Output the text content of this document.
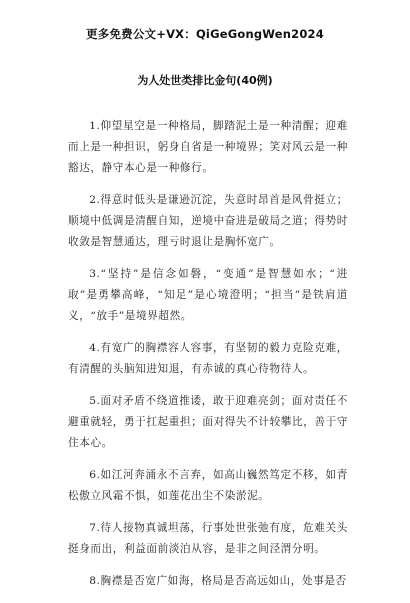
更多免费公文+VX：QiGeGongWen2024
为人处世类排比金句(40例)

1.仰望星空是一种格局，脚踏泥土是一种清醒；迎难而上是一种担识，躬身自省是一种境界；笑对风云是一种豁达，静守本心是一种修行。

2.得意时低头是谦逊沉淀，失意时昂首是风骨挺立；顺境中低调是清醒自知，逆境中奋进是破局之道；得势时收敛是智慧通达，理亏时退让是胸怀宽广。

3.“坚持”是信念如磐，“变通”是智慧如水；“进取”是勇攀高峰，“知足”是心境澄明；“担当”是铁肩道义，“放手”是境界超然。

4.有宽广的胸襟容人容事，有坚韧的毅力克险克难，有清醒的头脑知进知退，有赤诚的真心待物待人。

5.面对矛盾不绕道推诿，敢于迎难亮剑；面对责任不避重就轻，勇于扛起重担；面对得失不计较攀比，善于守住本心。

6.如江河奔涌永不言弃，如高山巍然笃定不移，如青松傲立风霜不惧，如莲花出尘不染淤泥。

7.待人接物真诚坦荡，行事处世张弛有度，危难关头挺身而出，利益面前淡泊从容，是非之间泾渭分明。

8.胸襟是否宽广如海，格局是否高远如山，处事是否
